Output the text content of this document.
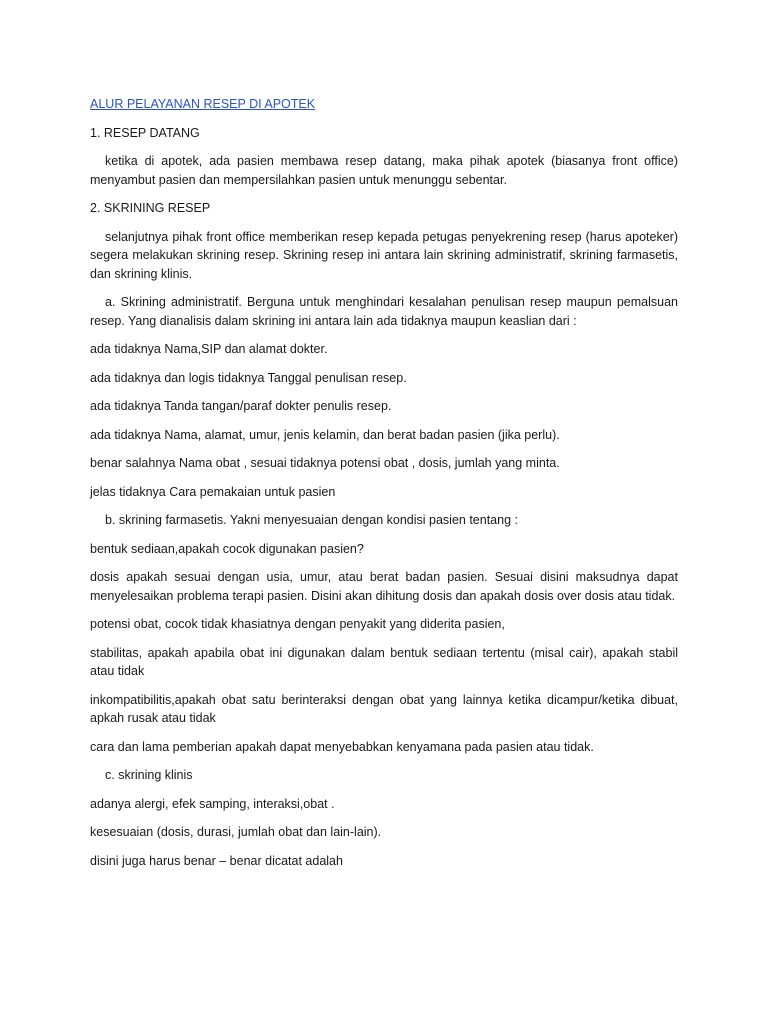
ALUR PELAYANAN RESEP DI APOTEK

1. RESEP DATANG

ketika di apotek, ada pasien membawa resep datang, maka pihak apotek (biasanya front office) menyambut pasien dan mempersilahkan pasien untuk menunggu sebentar.

2. SKRINING RESEP

selanjutnya pihak front office memberikan resep kepada petugas penyekrening resep (harus apoteker) segera melakukan skrining resep. Skrining resep ini antara lain skrining administratif, skrining farmasetis, dan skrining klinis.

a. Skrining administratif. Berguna untuk menghindari kesalahan penulisan resep maupun pemalsuan resep. Yang dianalisis dalam skrining ini antara lain ada tidaknya maupun keaslian dari :

ada tidaknya Nama,SIP dan alamat dokter.

ada tidaknya dan logis tidaknya Tanggal penulisan resep.

ada tidaknya Tanda tangan/paraf dokter penulis resep.

ada tidaknya Nama, alamat, umur, jenis kelamin, dan berat badan pasien (jika perlu).

benar salahnya Nama obat , sesuai tidaknya potensi obat , dosis, jumlah yang minta.

jelas tidaknya Cara pemakaian untuk pasien

b. skrining farmasetis. Yakni menyesuaian dengan kondisi pasien tentang :

bentuk sediaan,apakah cocok digunakan pasien?

dosis apakah sesuai dengan usia, umur, atau berat badan pasien. Sesuai disini maksudnya dapat menyelesaikan problema terapi pasien. Disini akan dihitung dosis dan apakah dosis over dosis atau tidak.

potensi obat, cocok tidak khasiatnya dengan penyakit yang diderita pasien,

stabilitas, apakah apabila obat ini digunakan dalam bentuk sediaan tertentu (misal cair), apakah stabil atau tidak

inkompatibilitis,apakah obat satu berinteraksi dengan obat yang lainnya ketika dicampur/ketika dibuat, apkah rusak atau tidak

cara dan lama pemberian apakah dapat menyebabkan kenyamana pada pasien atau tidak.

c. skrining klinis

adanya alergi, efek samping, interaksi,obat .

kesesuaian (dosis, durasi, jumlah obat dan lain-lain).

disini juga harus benar – benar dicatat adalah
